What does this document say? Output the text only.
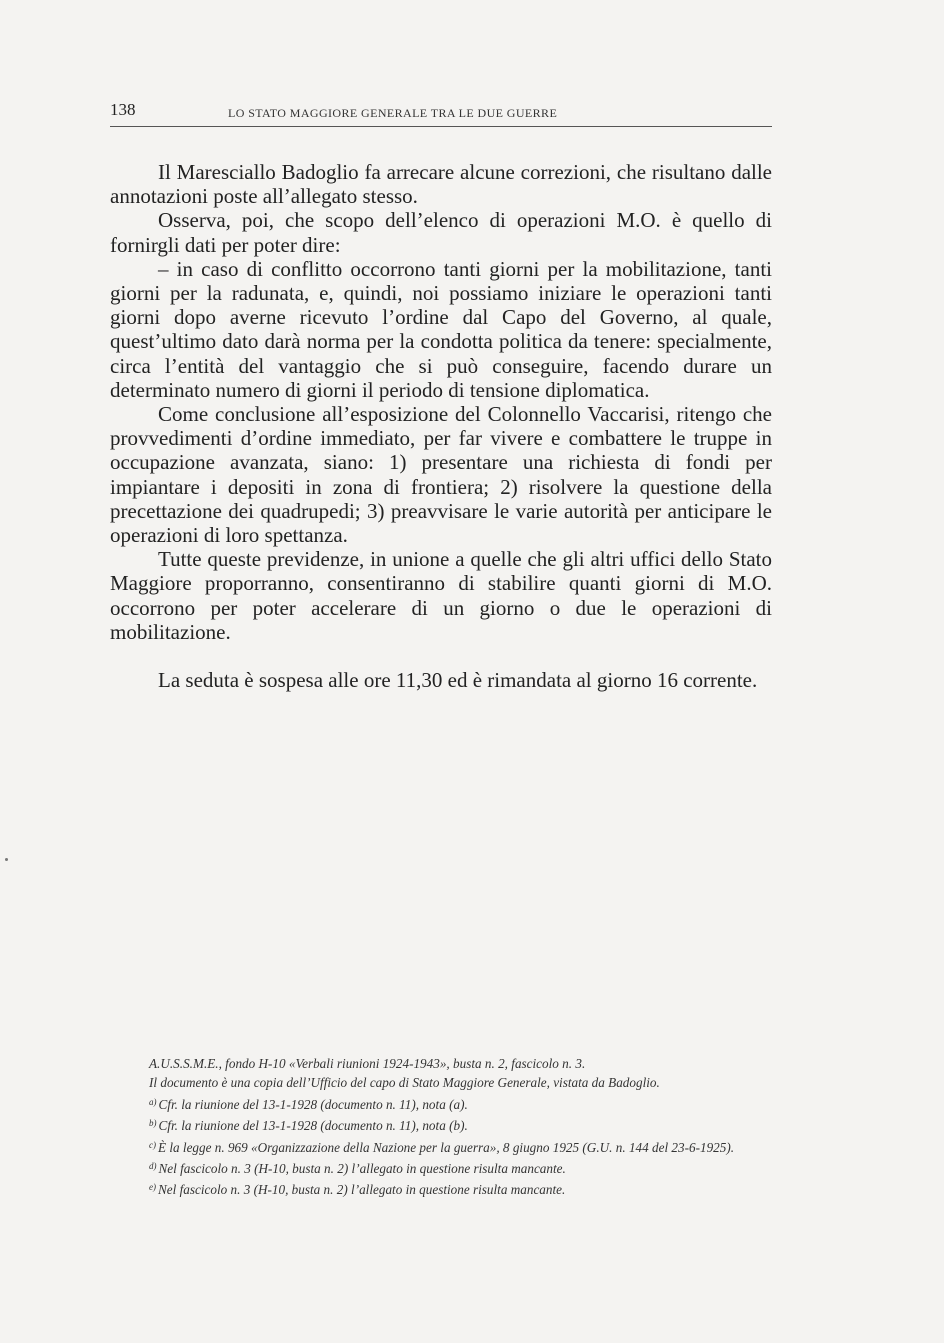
138	LO STATO MAGGIORE GENERALE TRA LE DUE GUERRE

Il Maresciallo Badoglio fa arrecare alcune correzioni, che risultano dalle annotazioni poste all’allegato stesso.

Osserva, poi, che scopo dell’elenco di operazioni M.O. è quello di fornirgli dati per poter dire:

– in caso di conflitto occorrono tanti giorni per la mobilitazione, tanti giorni per la radunata, e, quindi, noi possiamo iniziare le operazioni tanti giorni dopo averne ricevuto l’ordine dal Capo del Governo, al quale, quest’ultimo dato darà norma per la condotta politica da tenere: specialmente, circa l’entità del vantaggio che si può conseguire, facendo durare un determinato numero di giorni il periodo di tensione diplomatica.

Come conclusione all’esposizione del Colonnello Vaccarisi, ritengo che provvedimenti d’ordine immediato, per far vivere e combattere le truppe in occupazione avanzata, siano: 1) presentare una richiesta di fondi per impiantare i depositi in zona di frontiera; 2) risolvere la questione della precettazione dei quadrupedi; 3) preavvisare le varie autorità per anticipare le operazioni di loro spettanza.

Tutte queste previdenze, in unione a quelle che gli altri uffici dello Stato Maggiore proporranno, consentiranno di stabilire quanti giorni di M.O. occorrono per poter accelerare di un giorno o due le operazioni di mobilitazione.

La seduta è sospesa alle ore 11,30 ed è rimandata al giorno 16 corrente.

A.U.S.S.M.E., fondo H-10 «Verbali riunioni 1924-1943», busta n. 2, fascicolo n. 3.

Il documento è una copia dell’Ufficio del capo di Stato Maggiore Generale, vistata da Badoglio.

$^{a)}$ Cfr. la riunione del 13-1-1928 (documento n. 11), nota (a).

$^{b)}$ Cfr. la riunione del 13-1-1928 (documento n. 11), nota (b).

$^{c)}$ È la legge n. 969 «Organizzazione della Nazione per la guerra», 8 giugno 1925 (G.U. n. 144 del 23-6-1925).

$^{d)}$ Nel fascicolo n. 3 (H-10, busta n. 2) l’allegato in questione risulta mancante.

$^{e)}$ Nel fascicolo n. 3 (H-10, busta n. 2) l’allegato in questione risulta mancante.
